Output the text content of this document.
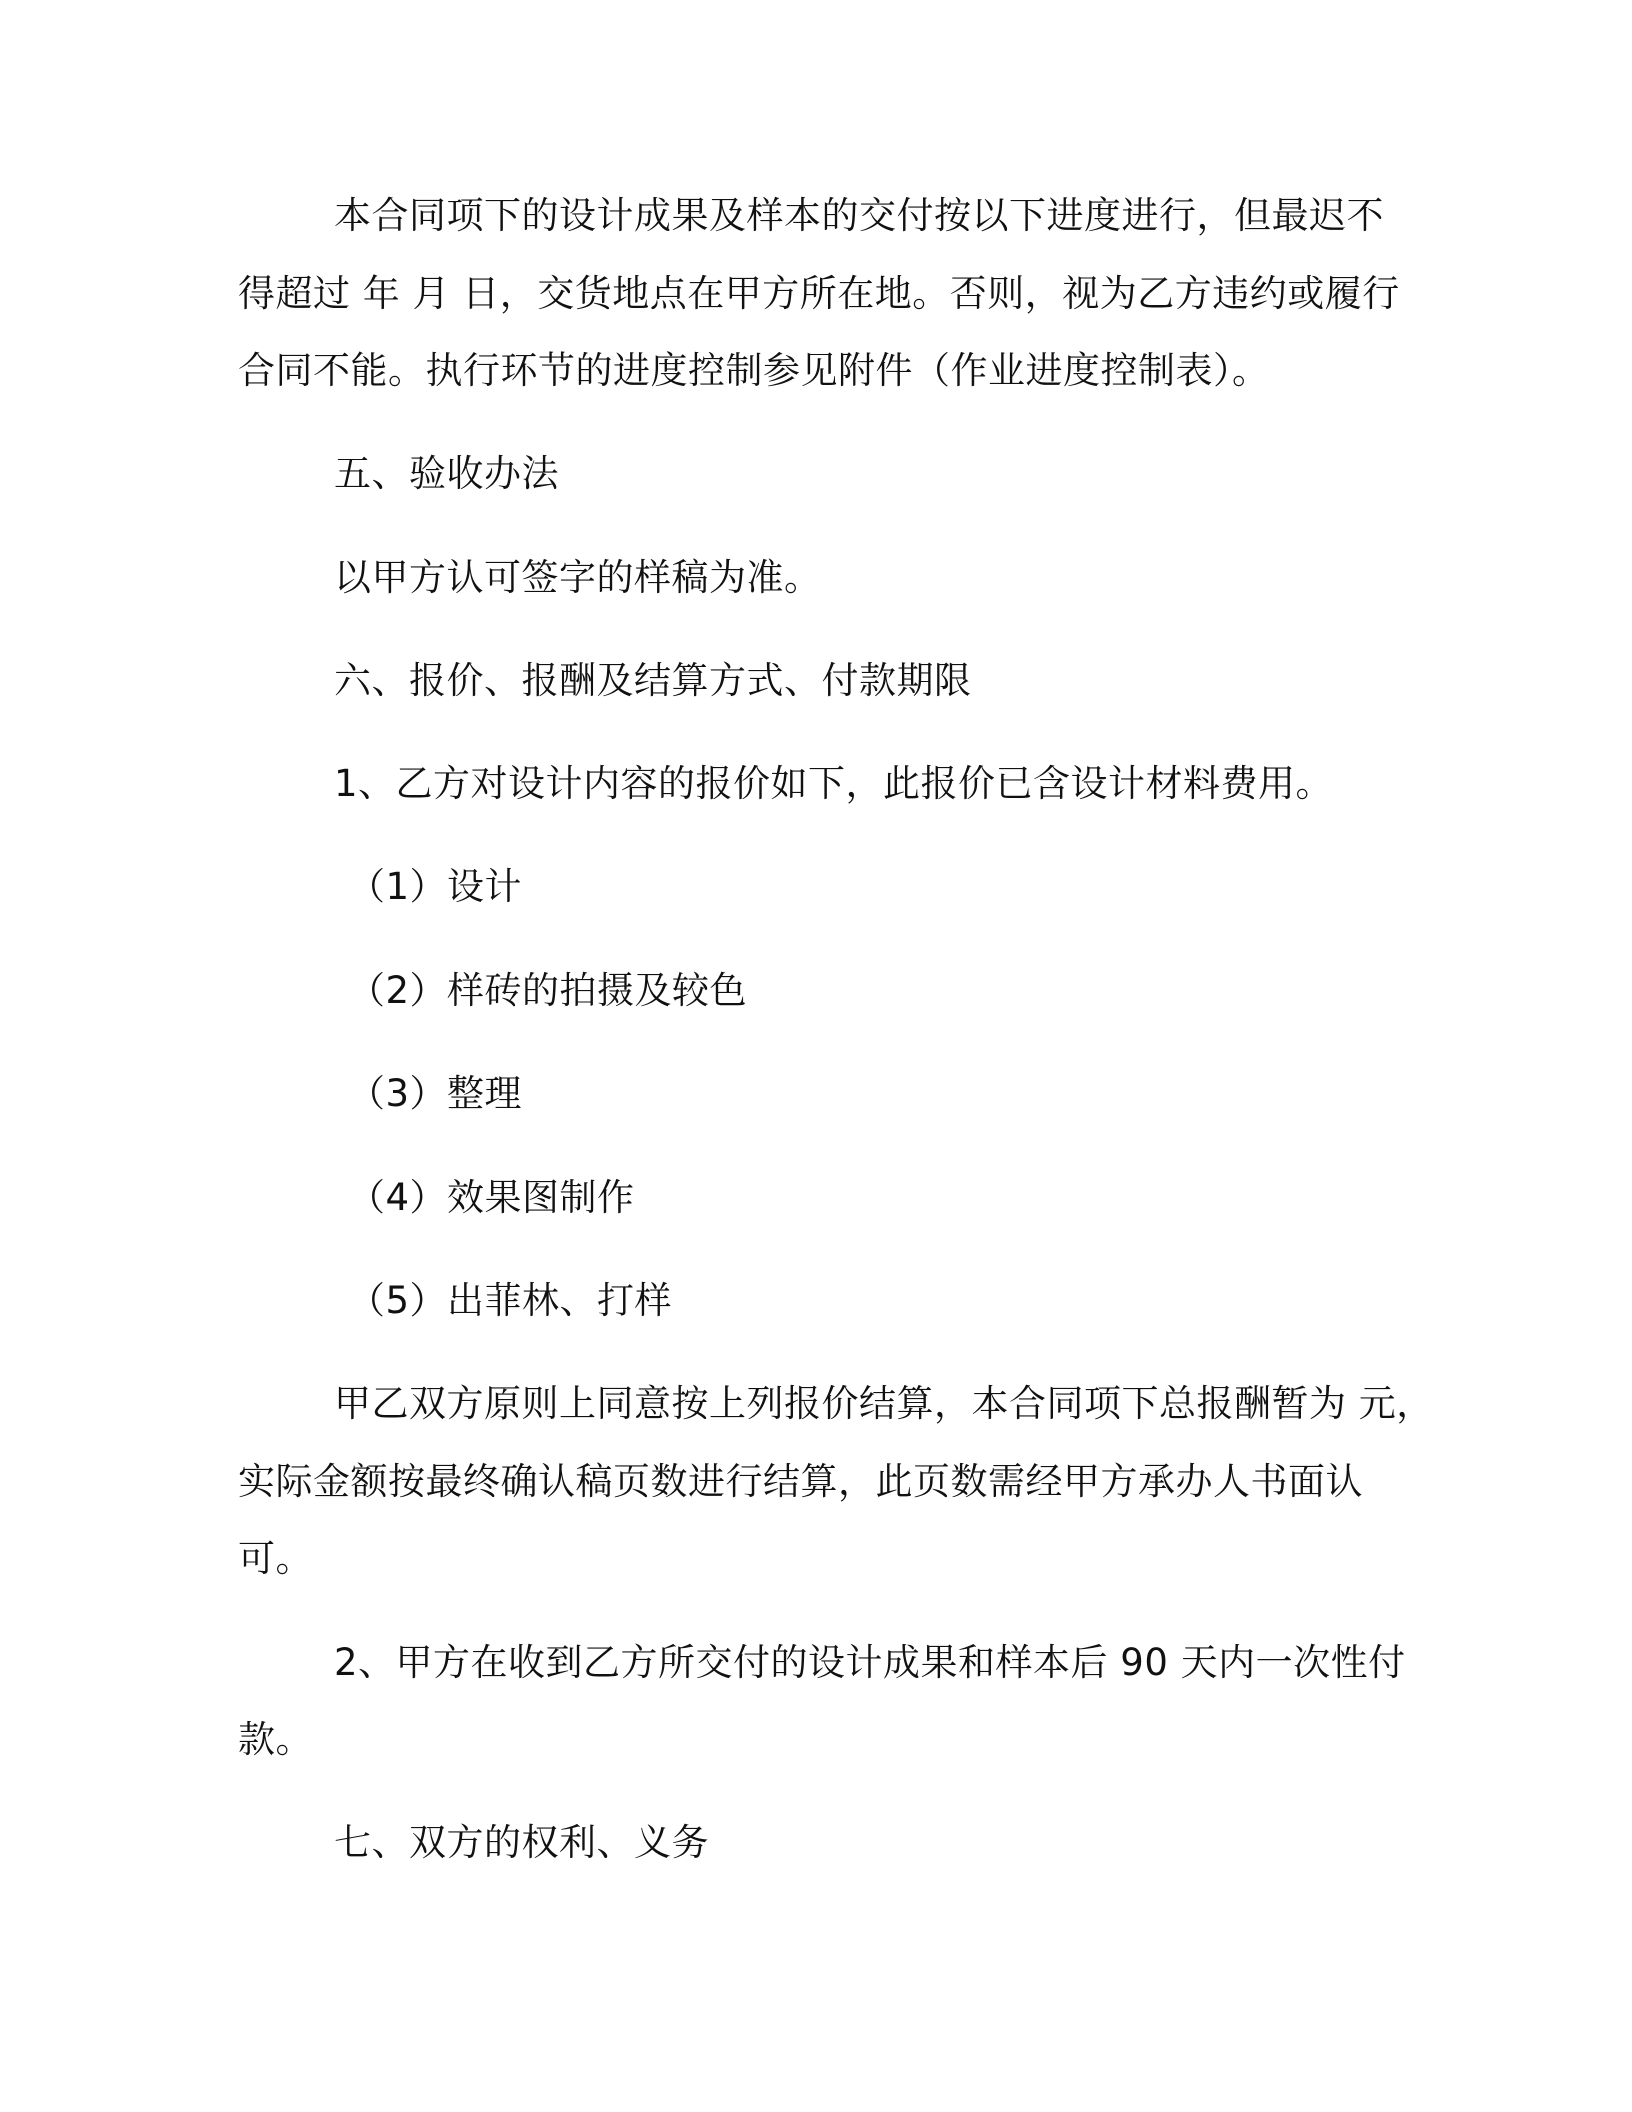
本合同项下的设计成果及样本的交付按以下进度进行，但最迟不

得超过 年 月 日，交货地点在甲方所在地。否则，视为乙方违约或履行

合同不能。执行环节的进度控制参见附件（作业进度控制表）。

五、验收办法

以甲方认可签字的样稿为准。

六、报价、报酬及结算方式、付款期限

1、乙方对设计内容的报价如下，此报价已含设计材料费用。

（1）设计

（2）样砖的拍摄及较色

（3）整理

（4）效果图制作

（5）出菲林、打样

甲乙双方原则上同意按上列报价结算，本合同项下总报酬暂为 元，

实际金额按最终确认稿页数进行结算，此页数需经甲方承办人书面认

可。

2、甲方在收到乙方所交付的设计成果和样本后 90 天内一次性付

款。

七、双方的权利、义务
